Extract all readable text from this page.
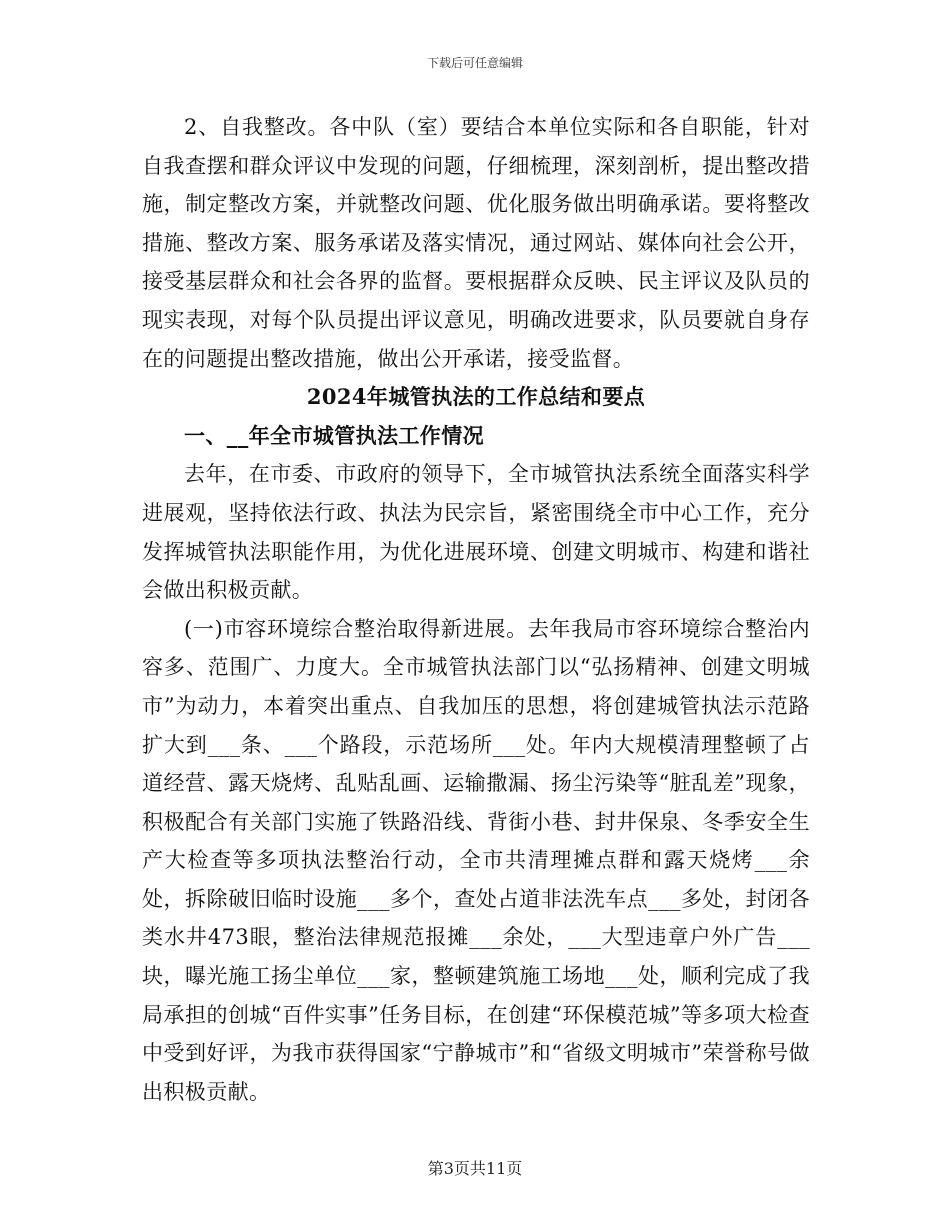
下载后可任意编辑

2、自我整改。各中队（室）要结合本单位实际和各自职能，针对自我查摆和群众评议中发现的问题，仔细梳理，深刻剖析，提出整改措施，制定整改方案，并就整改问题、优化服务做出明确承诺。要将整改措施、整改方案、服务承诺及落实情况，通过网站、媒体向社会公开，接受基层群众和社会各界的监督。要根据群众反映、民主评议及队员的现实表现，对每个队员提出评议意见，明确改进要求，队员要就自身存在的问题提出整改措施，做出公开承诺，接受监督。

2024年城管执法的工作总结和要点

一、__年全市城管执法工作情况

去年，在市委、市政府的领导下，全市城管执法系统全面落实科学进展观，坚持依法行政、执法为民宗旨，紧密围绕全市中心工作，充分发挥城管执法职能作用，为优化进展环境、创建文明城市、构建和谐社会做出积极贡献。

(一)市容环境综合整治取得新进展。去年我局市容环境综合整治内容多、范围广、力度大。全市城管执法部门以“弘扬精神、创建文明城市”为动力，本着突出重点、自我加压的思想，将创建城管执法示范路扩大到___条、___个路段，示范场所___处。年内大规模清理整顿了占道经营、露天烧烤、乱贴乱画、运输撒漏、扬尘污染等“脏乱差”现象，积极配合有关部门实施了铁路沿线、背街小巷、封井保泉、冬季安全生产大检查等多项执法整治行动，全市共清理摊点群和露天烧烤___余处，拆除破旧临时设施___多个，查处占道非法洗车点___多处，封闭各类水井473眼，整治法律规范报摊___余处，___大型违章户外广告___块，曝光施工扬尘单位___家，整顿建筑施工场地___处，顺利完成了我局承担的创城“百件实事”任务目标，在创建“环保模范城”等多项大检查中受到好评，为我市获得国家“宁静城市”和“省级文明城市”荣誉称号做出积极贡献。

第3页共11页
